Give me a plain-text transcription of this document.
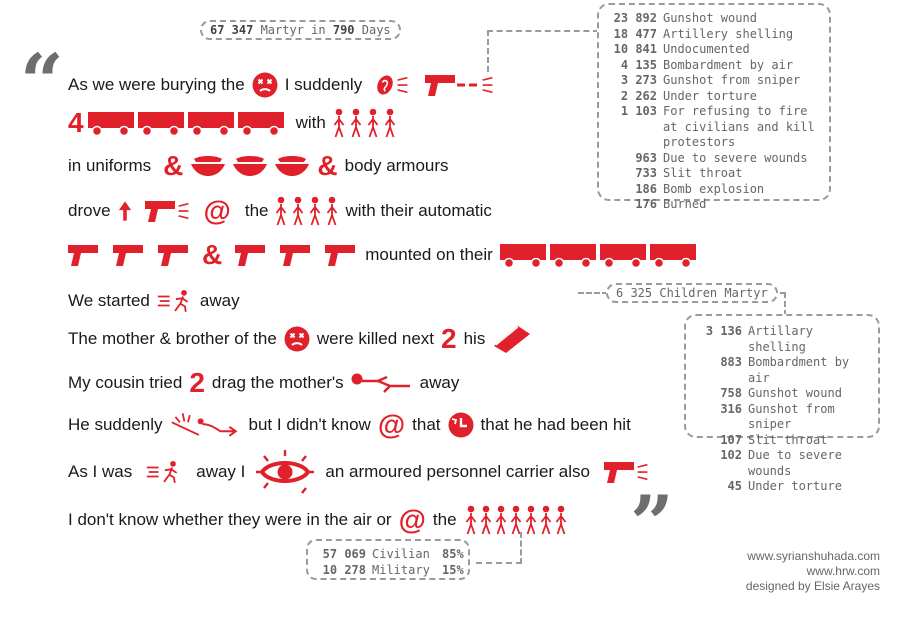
67 347 Martyr in 790 Days
“
”
As we were burying the I suddenly
4	with
in uniforms &	& body armours
drove	@ the	with their automatic
&	mounted on their
We started	away
The mother & brother of the were killed next 2 his
My cousin tried 2 drag the mother's	away
He suddenly	but I didn't know @ that that he had been hit
As I was	away I	an armoured personnel carrier also
I don't know whether they were in the air or @ the
23 892 Gunshot wound
18 477 Artillery shelling
10 841 Undocumented
4 135 Bombardment by air
3 273 Gunshot from sniper
2 262 Under torture
1 103 For refusing to fire at civilians and kill protestors
963 Due to severe wounds
733 Slit throat
186 Bomb explosion
176 Burned
6 325 Children Martyr
3 136 Artillary shelling
883 Bombardment by air
758 Gunshot wound
316 Gunshot from sniper
107 Slit throat
102 Due to severe wounds
45 Under torture
57 069 Civilian	85%
10 278 Military	15%
www.syrianshuhada.com
www.hrw.com
designed by Elsie Arayes
